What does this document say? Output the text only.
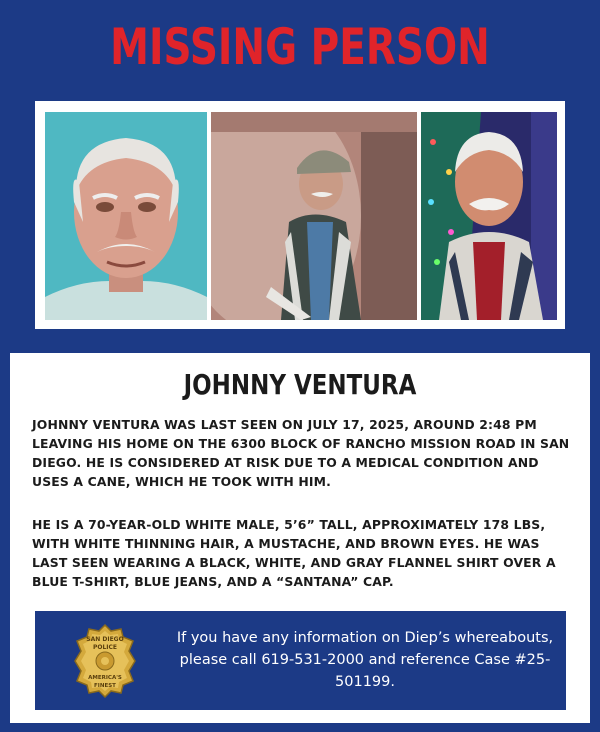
MISSING PERSON
JOHNNY VENTURA

JOHNNY VENTURA WAS LAST SEEN ON JULY 17, 2025, AROUND 2:48 PM LEAVING HIS HOME ON THE 6300 BLOCK OF RANCHO MISSION ROAD IN SAN DIEGO. HE IS CONSIDERED AT RISK DUE TO A MEDICAL CONDITION AND USES A CANE, WHICH HE TOOK WITH HIM.

HE IS A 70-YEAR-OLD WHITE MALE, 5’6” TALL, APPROXIMATELY 178 LBS, WITH WHITE THINNING HAIR, A MUSTACHE, AND BROWN EYES. HE WAS LAST SEEN WEARING A BLACK, WHITE, AND GRAY FLANNEL SHIRT OVER A BLUE T-SHIRT, BLUE JEANS, AND A “SANTANA” CAP.

SAN DIEGO
POLICE
AMERICA'S
FINEST

If you have any information on Diep’s whereabouts, please call 619-531-2000 and reference Case #25-501199.
